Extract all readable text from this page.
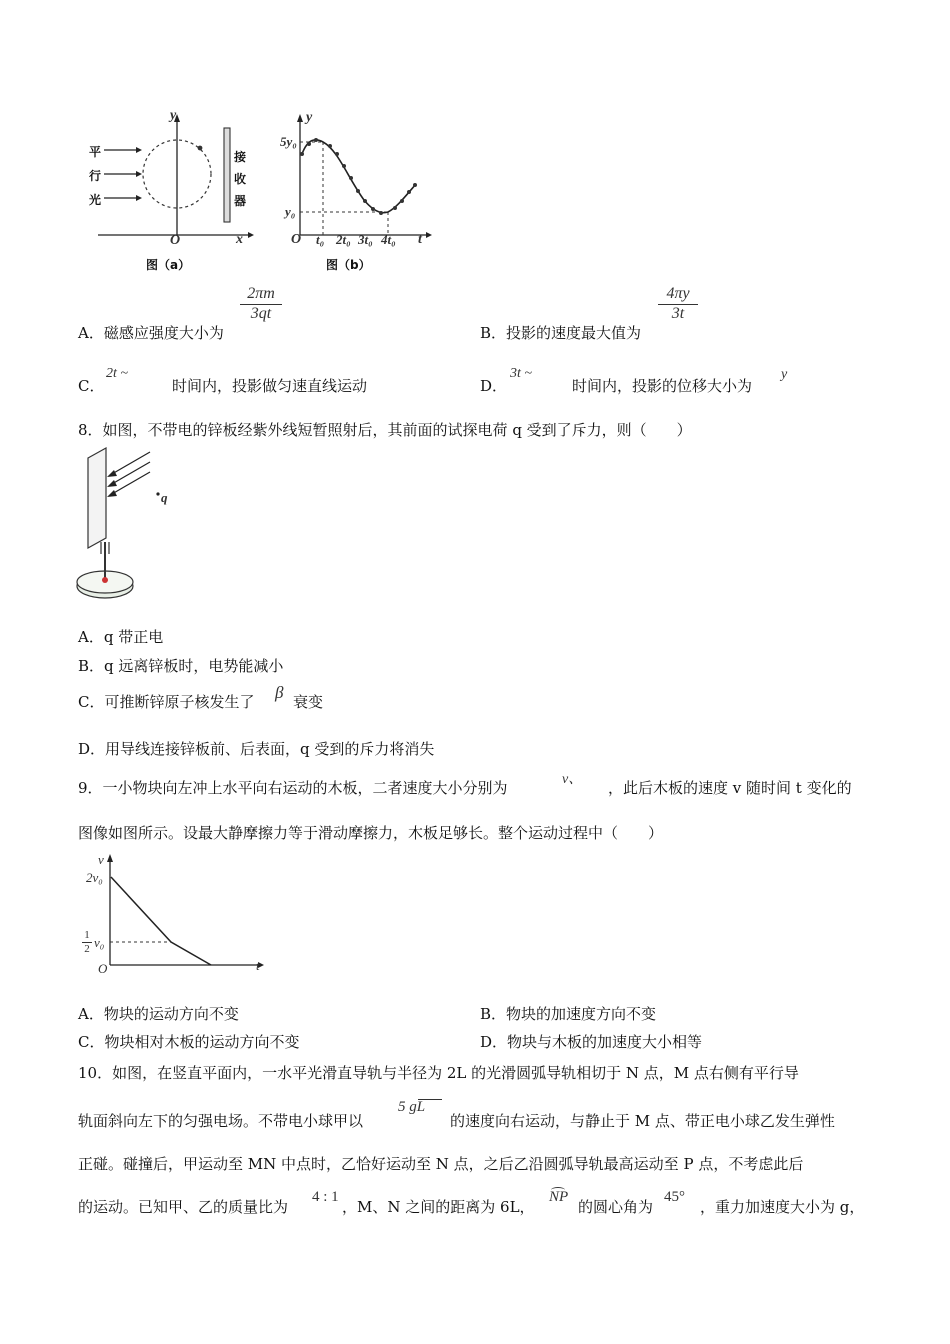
平
行
光
接
收
器
y
x
O
图（a）
y
5y₀
y₀
O t₀ 2t₀ 3t₀ 4t₀ t
图（b）
$\frac{2\pi m}{3qt}$
A．磁感应强度大小为
$\frac{4\pi y}{3t}$
B．投影的速度最大值为
C．
2t ~
时间内，投影做匀速直线运动	D．
3t ~
时间内，投影的位移大小为
y
8．如图，不带电的锌板经紫外线短暂照射后，其前面的试探电荷 q 受到了斥力，则（　　）
q
A．q 带正电
B．q 远离锌板时，电势能减小
C．可推断锌原子核发生了 β 衰变
D．用导线连接锌板前、后表面，q 受到的斥力将消失
9．一小物块向左冲上水平向右运动的木板，二者速度大小分别为	v、 ，此后木板的速度 v 随时间 t 变化的
图像如图所示。设最大静摩擦力等于滑动摩擦力，木板足够长。整个运动过程中（　　）
v
2v₀
$\frac{1}{2} v_0$
O	t
A．物块的运动方向不变	B．物块的加速度方向不变
C．物块相对木板的运动方向不变	D．物块与木板的加速度大小相等
10．如图，在竖直平面内，一水平光滑直导轨与半径为 2L 的光滑圆弧导轨相切于 N 点，M 点右侧有平行导
轨面斜向左下的匀强电场。不带电小球甲以
5 gL
的速度向右运动，与静止于 M 点、带正电小球乙发生弹性
正碰。碰撞后，甲运动至 MN 中点时，乙恰好运动至 N 点，之后乙沿圆弧导轨最高运动至 P 点，不考虑此后
的运动。已知甲、乙的质量比为
4 : 1
，M、N 之间的距离为 6L，
NP
的圆心角为
45°
，重力加速度大小为 g，
